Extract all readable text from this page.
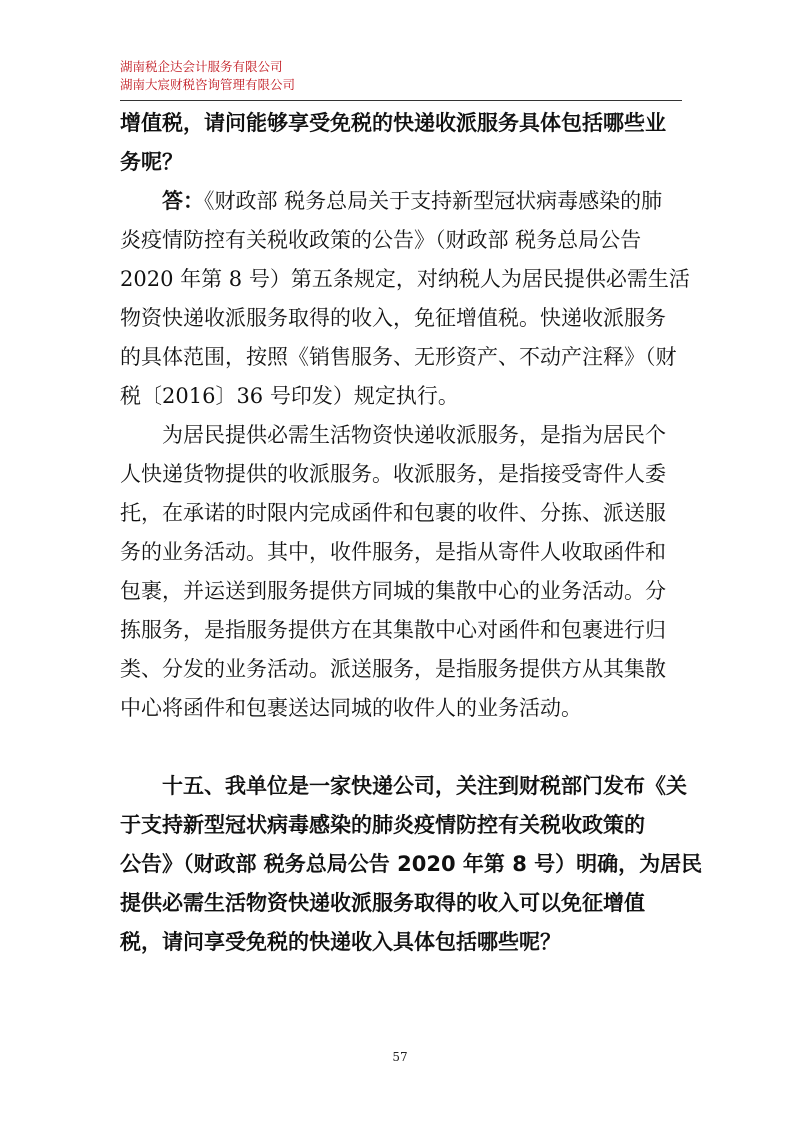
湖南税企达会计服务有限公司
湖南大宸财税咨询管理有限公司
增值税，请问能够享受免税的快递收派服务具体包括哪些业
务呢？
答：《财政部 税务总局关于支持新型冠状病毒感染的肺
炎疫情防控有关税收政策的公告》（财政部 税务总局公告
2020 年第 8 号）第五条规定，对纳税人为居民提供必需生活
物资快递收派服务取得的收入，免征增值税。快递收派服务
的具体范围，按照《销售服务、无形资产、不动产注释》（财
税〔2016〕36 号印发）规定执行。
为居民提供必需生活物资快递收派服务，是指为居民个
人快递货物提供的收派服务。收派服务，是指接受寄件人委
托，在承诺的时限内完成函件和包裹的收件、分拣、派送服
务的业务活动。其中，收件服务，是指从寄件人收取函件和
包裹，并运送到服务提供方同城的集散中心的业务活动。分
拣服务，是指服务提供方在其集散中心对函件和包裹进行归
类、分发的业务活动。派送服务，是指服务提供方从其集散
中心将函件和包裹送达同城的收件人的业务活动。
十五、我单位是一家快递公司，关注到财税部门发布《关
于支持新型冠状病毒感染的肺炎疫情防控有关税收政策的
公告》（财政部 税务总局公告 2020 年第 8 号）明确，为居民
提供必需生活物资快递收派服务取得的收入可以免征增值
税，请问享受免税的快递收入具体包括哪些呢？
57
